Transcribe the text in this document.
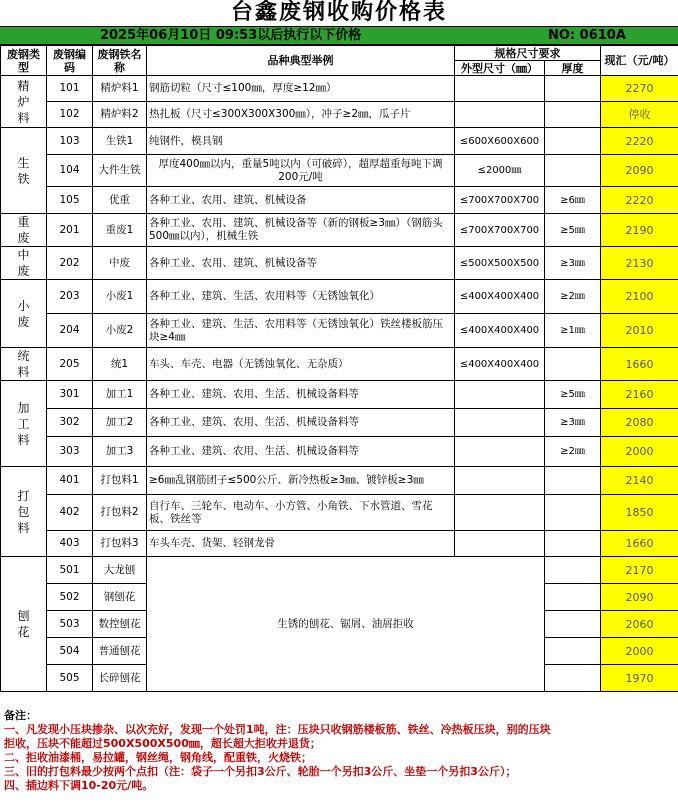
台鑫废钢收购价格表
2025年06月10日 09:53以后执行以下价格	NO: 0610A
废钢类型	废钢编码	废钢铁名称	品种典型举例	规格尺寸要求		现汇（元/吨）
				外型尺寸（㎜）	厚度	
精炉料	101	精炉料1	钢筋切粒（尺寸≤100㎜，厚度≥12㎜）			2270
	102	精炉料2	热扎板（尺寸≤300X300X300㎜），冲子≥2㎜，瓜子片			停收
生铁	103	生铁1	纯钢件，模具钢	≤600X600X600		2220
	104	大件生铁	厚度400㎜以内，重量5吨以内（可破碎），超厚超重每吨下调200元/吨	≤2000㎜		2090
	105	优重	各种工业、农用、建筑、机械设备	≤700X700X700	≥6㎜	2220
重废	201	重废1	各种工业、农用、建筑、机械设备等（新的钢板≥3㎜）（钢筋头500㎜以内），机械生铁	≤700X700X700	≥5㎜	2190
中废	202	中废	各种工业、农用、建筑、机械设备等	≤500X500X500	≥3㎜	2130
小废	203	小废1	各种工业、建筑、生活、农用料等（无锈蚀氧化）	≤400X400X400	≥2㎜	2100
	204	小废2	各种工业、建筑、生活、农用料等（无锈蚀氧化）铁丝楼板筋压块≥4㎜	≤400X400X400	≥1㎜	2010
统料	205	统1	车头、车壳、电器（无锈蚀氧化、无杂质）	≤400X400X400		1660
加工料	301	加工1	各种工业、建筑、农用、生活、机械设备料等		≥5㎜	2160
	302	加工2	各种工业、建筑、农用、生活、机械设备料等		≥3㎜	2080
	303	加工3	各种工业、建筑、农用、生活、机械设备料等		≥2㎜	2000
打包料	401	打包料1	≥6㎜乱钢筋团子≤500公斤、新冷热板≥3㎜、镀锌板≥3㎜			2140
	402	打包料2	自行车、三轮车、电动车、小方管、小角铁、下水管道、雪花板、铁丝等			1850
	403	打包料3	车头车壳、货架、轻钢龙骨			1660
刨花	501	大龙刨	生锈的刨花、锯屑、油屑拒收			2170
	502	钢刨花				2090
	503	数控刨花				2060
	504	普通刨花				2000
	505	长碎刨花				1970
备注：
一、凡发现小压块掺杂、以次充好，发现一个处罚1吨，注：压块只收钢筋楼板筋、铁丝、冷热板压块，别的压块
拒收，压块不能超过500X500X500㎜，超长超大拒收并退货；
二、拒收油漆桶，易拉罐，钢丝绳，钢角线，配重铁，火烧铁；
三、旧的打包料最少按两个点扣（注：袋子一个另扣3公斤、轮胎一个另扣3公斤、坐垫一个另扣3公斤）；
四、插边料下调10-20元/吨。
